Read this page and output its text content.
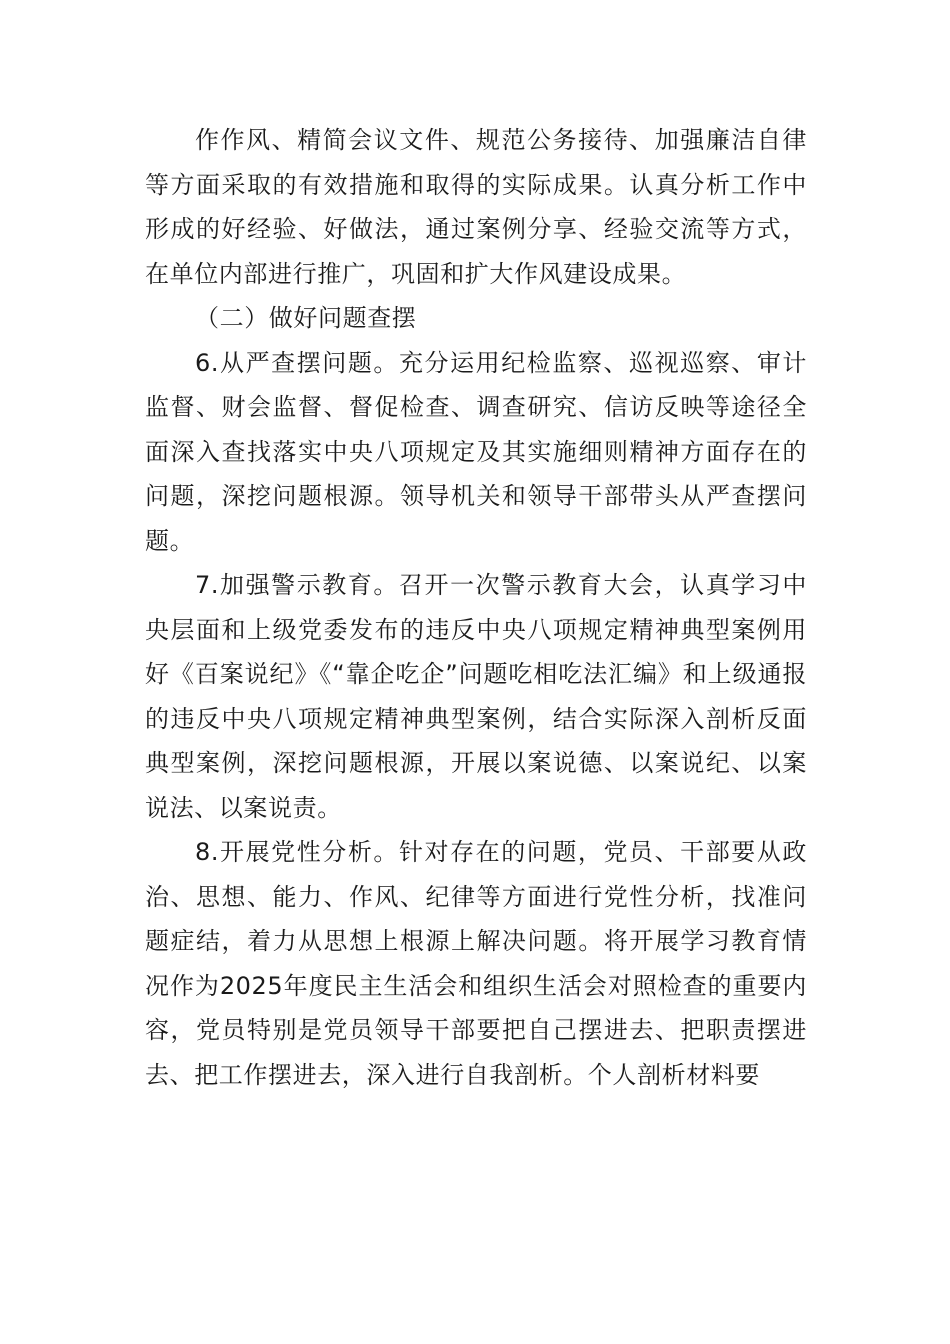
作作风、精简会议文件、规范公务接待、加强廉洁自律等方面采取的有效措施和取得的实际成果。认真分析工作中形成的好经验、好做法，通过案例分享、经验交流等方式，在单位内部进行推广，巩固和扩大作风建设成果。

（二）做好问题查摆

6.从严查摆问题。充分运用纪检监察、巡视巡察、审计监督、财会监督、督促检查、调查研究、信访反映等途径全面深入查找落实中央八项规定及其实施细则精神方面存在的问题，深挖问题根源。领导机关和领导干部带头从严查摆问题。

7.加强警示教育。召开一次警示教育大会，认真学习中央层面和上级党委发布的违反中央八项规定精神典型案例用好《百案说纪》《“靠企吃企”问题吃相吃法汇编》和上级通报的违反中央八项规定精神典型案例，结合实际深入剖析反面典型案例，深挖问题根源，开展以案说德、以案说纪、以案说法、以案说责。

8.开展党性分析。针对存在的问题，党员、干部要从政治、思想、能力、作风、纪律等方面进行党性分析，找准问题症结，着力从思想上根源上解决问题。将开展学习教育情况作为2025年度民主生活会和组织生活会对照检查的重要内容，党员特别是党员领导干部要把自己摆进去、把职责摆进去、把工作摆进去，深入进行自我剖析。个人剖析材料要
